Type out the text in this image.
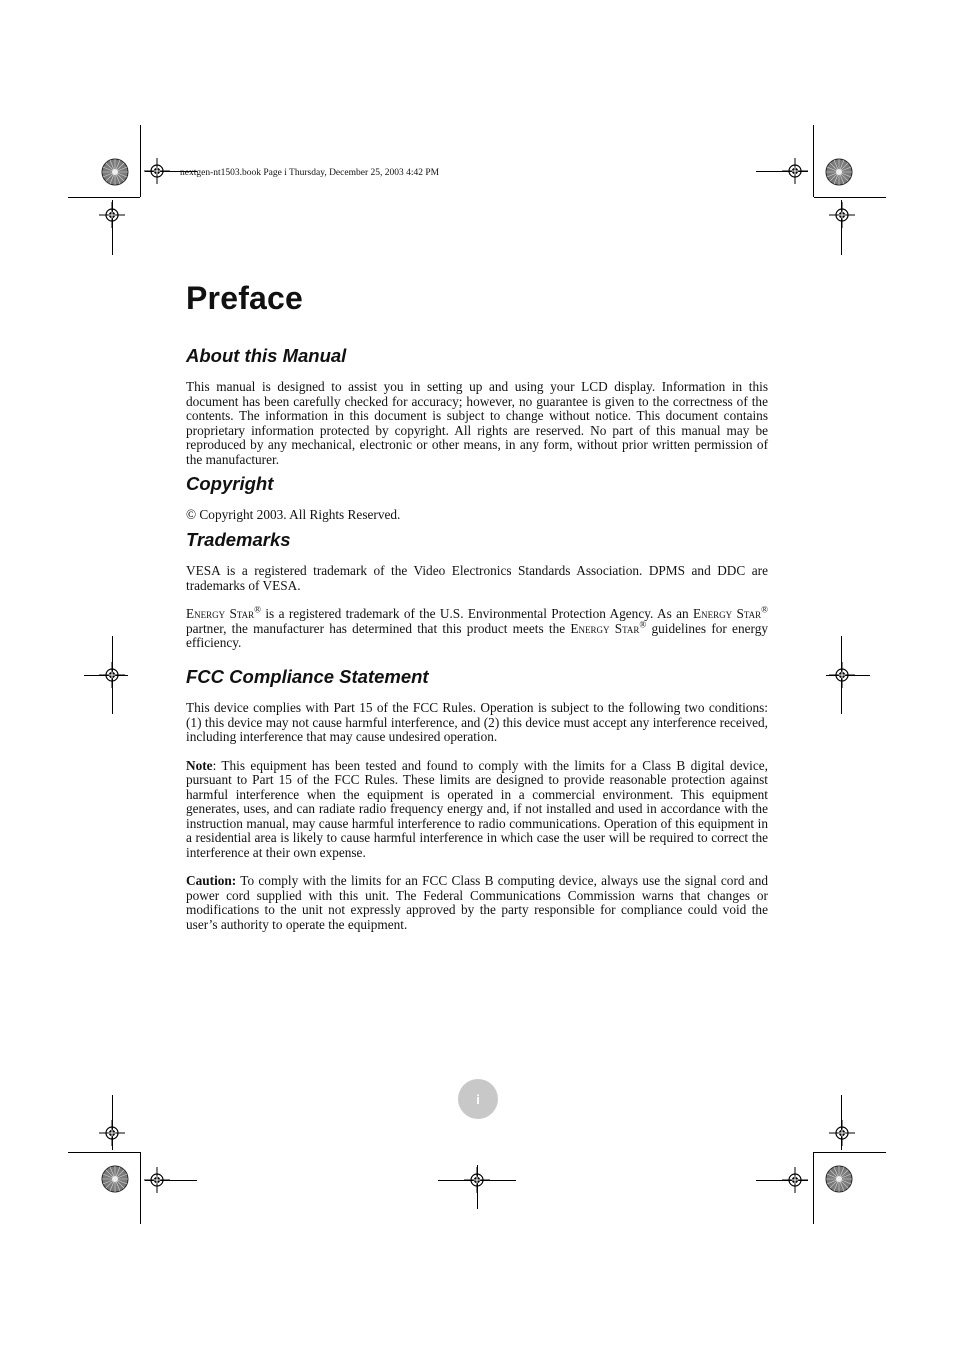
nextgen-nt1503.book Page i Thursday, December 25, 2003 4:42 PM
Preface
About this Manual

This manual is designed to assist you in setting up and using your LCD display. Information in this document has been carefully checked for accuracy; however, no guarantee is given to the correctness of the contents. The information in this document is subject to change without notice. This document contains proprietary information protected by copyright. All rights are reserved. No part of this manual may be reproduced by any mechanical, electronic or other means, in any form, without prior written permission of the manufacturer.

Copyright

© Copyright 2003. All Rights Reserved.

Trademarks

VESA is a registered trademark of the Video Electronics Standards Association. DPMS and DDC are trademarks of VESA.

Energy Star® is a registered trademark of the U.S. Environmental Protection Agency. As an Energy Star® partner, the manufacturer has determined that this product meets the Energy Star® guidelines for energy efficiency.

FCC Compliance Statement

This device complies with Part 15 of the FCC Rules. Operation is subject to the following two conditions: (1) this device may not cause harmful interference, and (2) this device must accept any interference received, including interference that may cause undesired operation.

Note: This equipment has been tested and found to comply with the limits for a Class B digital device, pursuant to Part 15 of the FCC Rules. These limits are designed to provide reasonable protection against harmful interference when the equipment is operated in a commercial environment. This equipment generates, uses, and can radiate radio frequency energy and, if not installed and used in accordance with the instruction manual, may cause harmful interference to radio communications. Operation of this equipment in a residential area is likely to cause harmful interference in which case the user will be required to correct the interference at their own expense.

Caution: To comply with the limits for an FCC Class B computing device, always use the signal cord and power cord supplied with this unit. The Federal Communications Commission warns that changes or modifications to the unit not expressly approved by the party responsible for compliance could void the user’s authority to operate the equipment.

i
